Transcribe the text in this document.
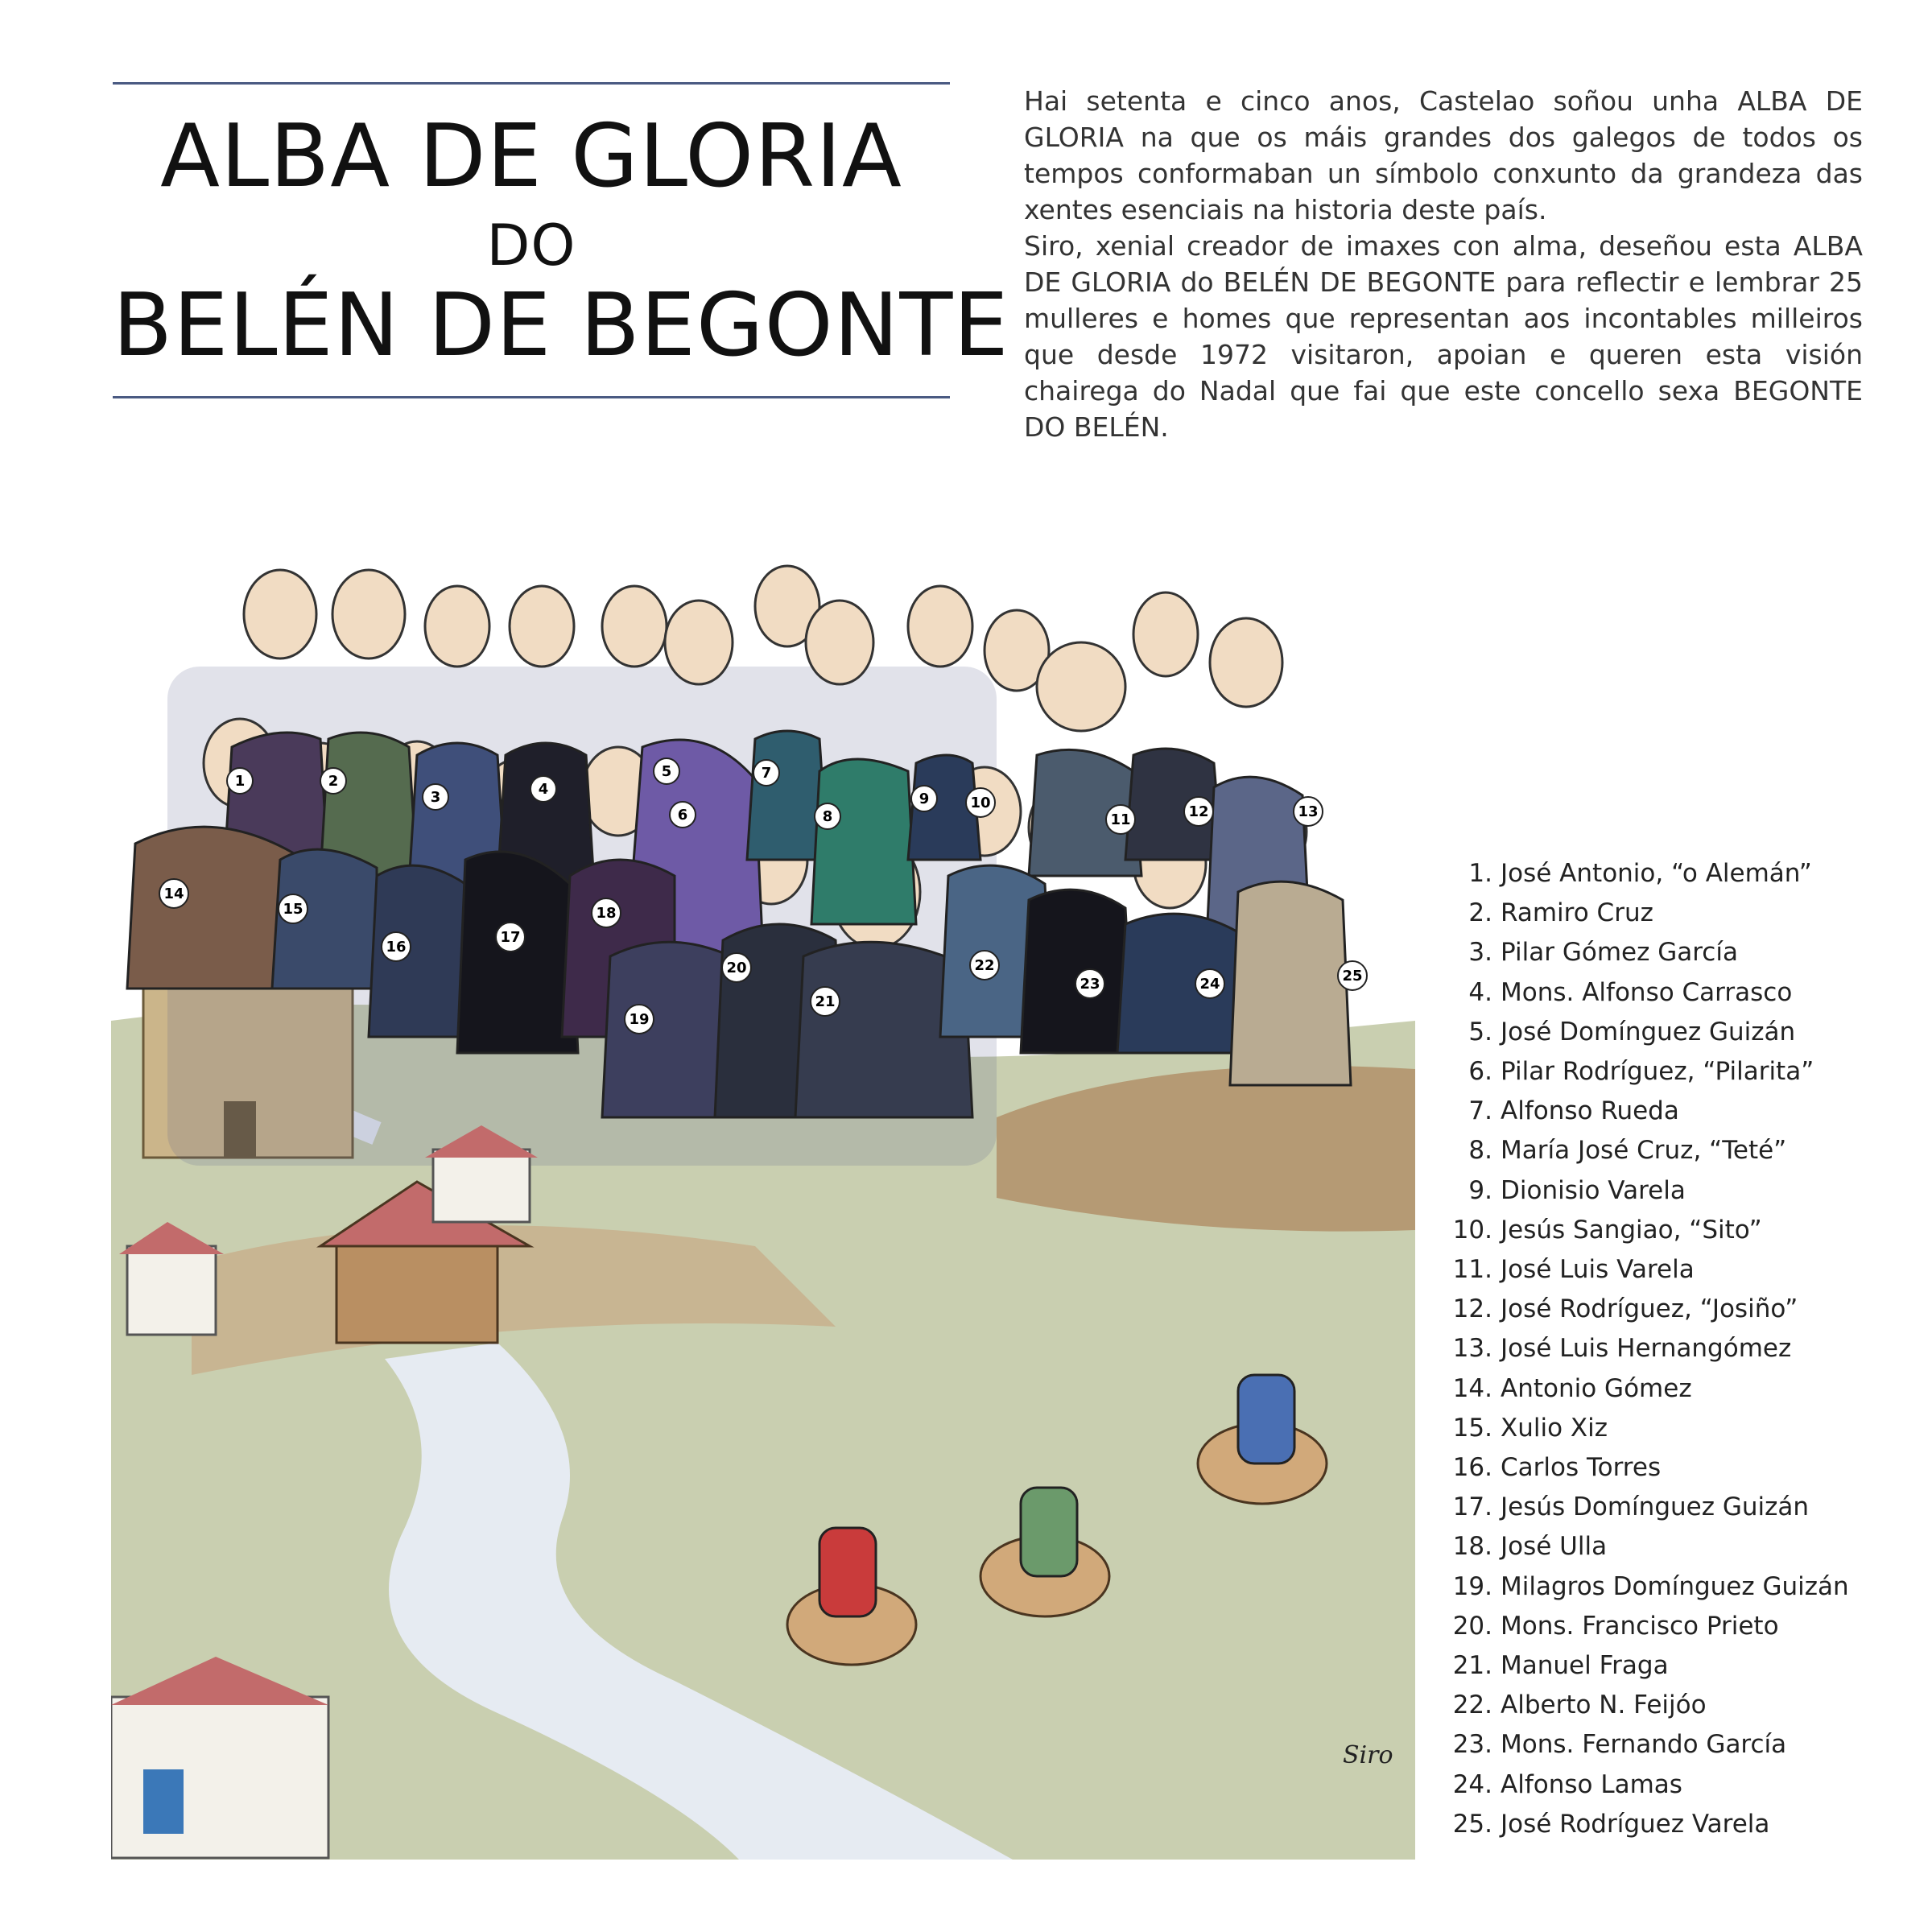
ALBA DE GLORIA
DO
BELÉN DE BEGONTE

Hai setenta e cinco anos, Castelao soñou unha ALBA DE GLORIA na que os máis grandes dos galegos de todos os tempos conformaban un símbolo conxunto da grandeza das xentes esenciais na historia deste país.

Siro, xenial creador de imaxes con alma, deseñou esta ALBA DE GLORIA do BELÉN DE BEGONTE para reflectir e lembrar 25 mulleres e homes que representan aos incontables milleiros que desde 1972 visitaron, apoian e queren esta visión chairega do Nadal que fai que este concello sexa BEGONTE DO BELÉN.

1	2
3	4
5
6
7
8
9	10
11	12	13
14
15
16
17
18
19
20
21
22
23	24	25
Siro
1. José Antonio, “o Alemán”
2. Ramiro Cruz
3. Pilar Gómez García
4. Mons. Alfonso Carrasco
5. José Domínguez Guizán
6. Pilar Rodríguez, “Pilarita”
7. Alfonso Rueda
8. María José Cruz, “Teté”
9. Dionisio Varela
10. Jesús Sangiao, “Sito”
11. José Luis Varela
12. José Rodríguez, “Josiño”
13. José Luis Hernangómez
14. Antonio Gómez
15. Xulio Xiz
16. Carlos Torres
17. Jesús Domínguez Guizán
18. José Ulla
19. Milagros Domínguez Guizán
20. Mons. Francisco Prieto
21. Manuel Fraga
22. Alberto N. Feijóo
23. Mons. Fernando García
24. Alfonso Lamas
25. José Rodríguez Varela
